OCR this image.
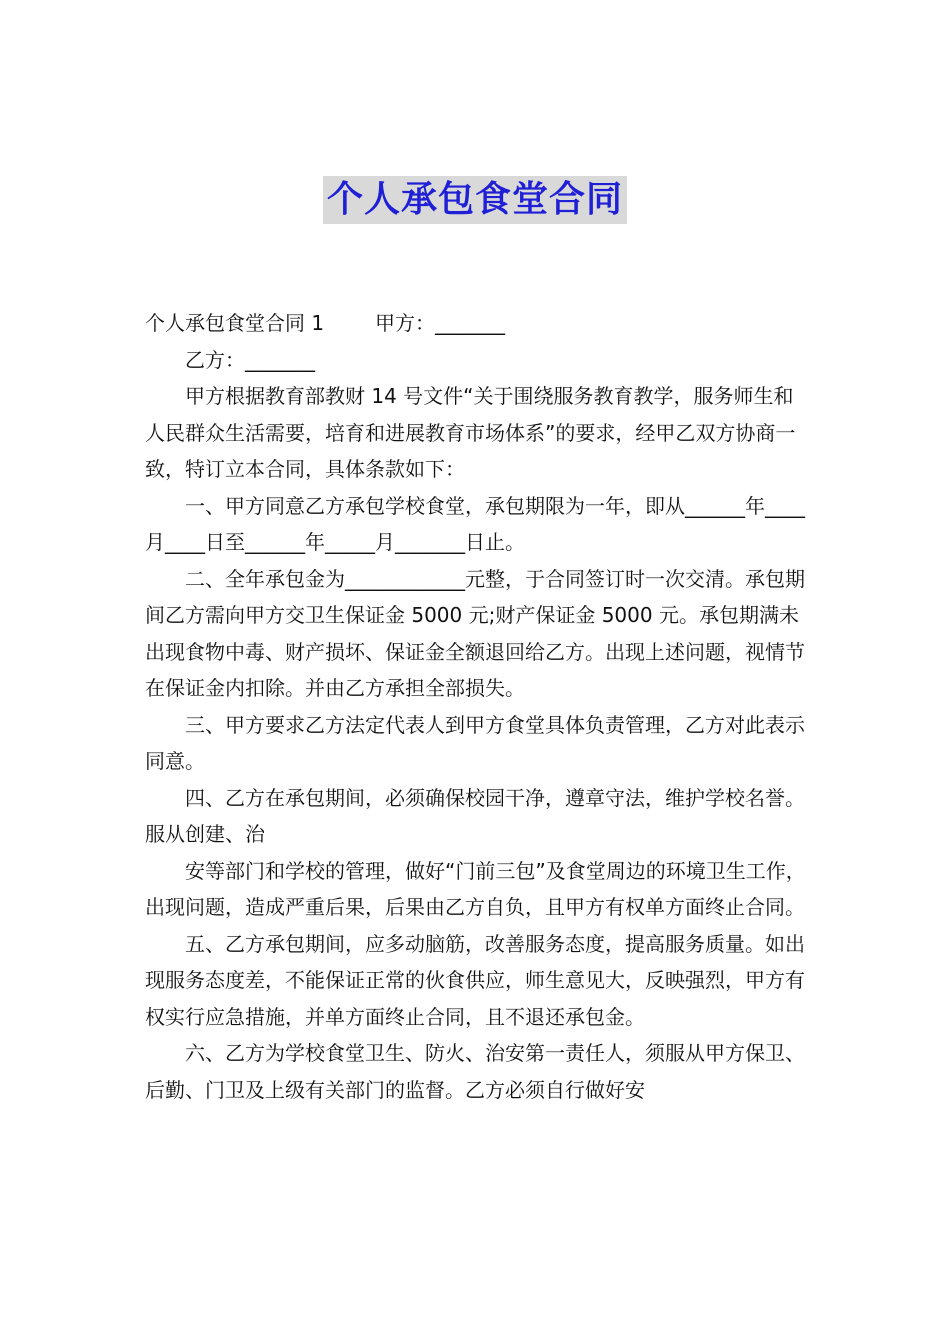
个人承包食堂合同

个人承包食堂合同 1        甲方：_______

乙方：_______

甲方根据教育部教财 14 号文件“关于围绕服务教育教学，服务师生和人民群众生活需要，培育和进展教育市场体系”的要求，经甲乙双方协商一致，特订立本合同，具体条款如下：

一、甲方同意乙方承包学校食堂，承包期限为一年，即从______年____月____日至______年_____月_______日止。

二、全年承包金为____________元整，于合同签订时一次交清。承包期间乙方需向甲方交卫生保证金 5000 元;财产保证金 5000 元。承包期满未出现食物中毒、财产损坏、保证金全额退回给乙方。出现上述问题，视情节在保证金内扣除。并由乙方承担全部损失。

三、甲方要求乙方法定代表人到甲方食堂具体负责管理，乙方对此表示同意。

四、乙方在承包期间，必须确保校园干净，遵章守法，维护学校名誉。服从创建、治

安等部门和学校的管理，做好“门前三包”及食堂周边的环境卫生工作，出现问题，造成严重后果，后果由乙方自负，且甲方有权单方面终止合同。

五、乙方承包期间，应多动脑筋，改善服务态度，提高服务质量。如出现服务态度差，不能保证正常的伙食供应，师生意见大，反映强烈，甲方有权实行应急措施，并单方面终止合同，且不退还承包金。

六、乙方为学校食堂卫生、防火、治安第一责任人，须服从甲方保卫、后勤、门卫及上级有关部门的监督。乙方必须自行做好安
